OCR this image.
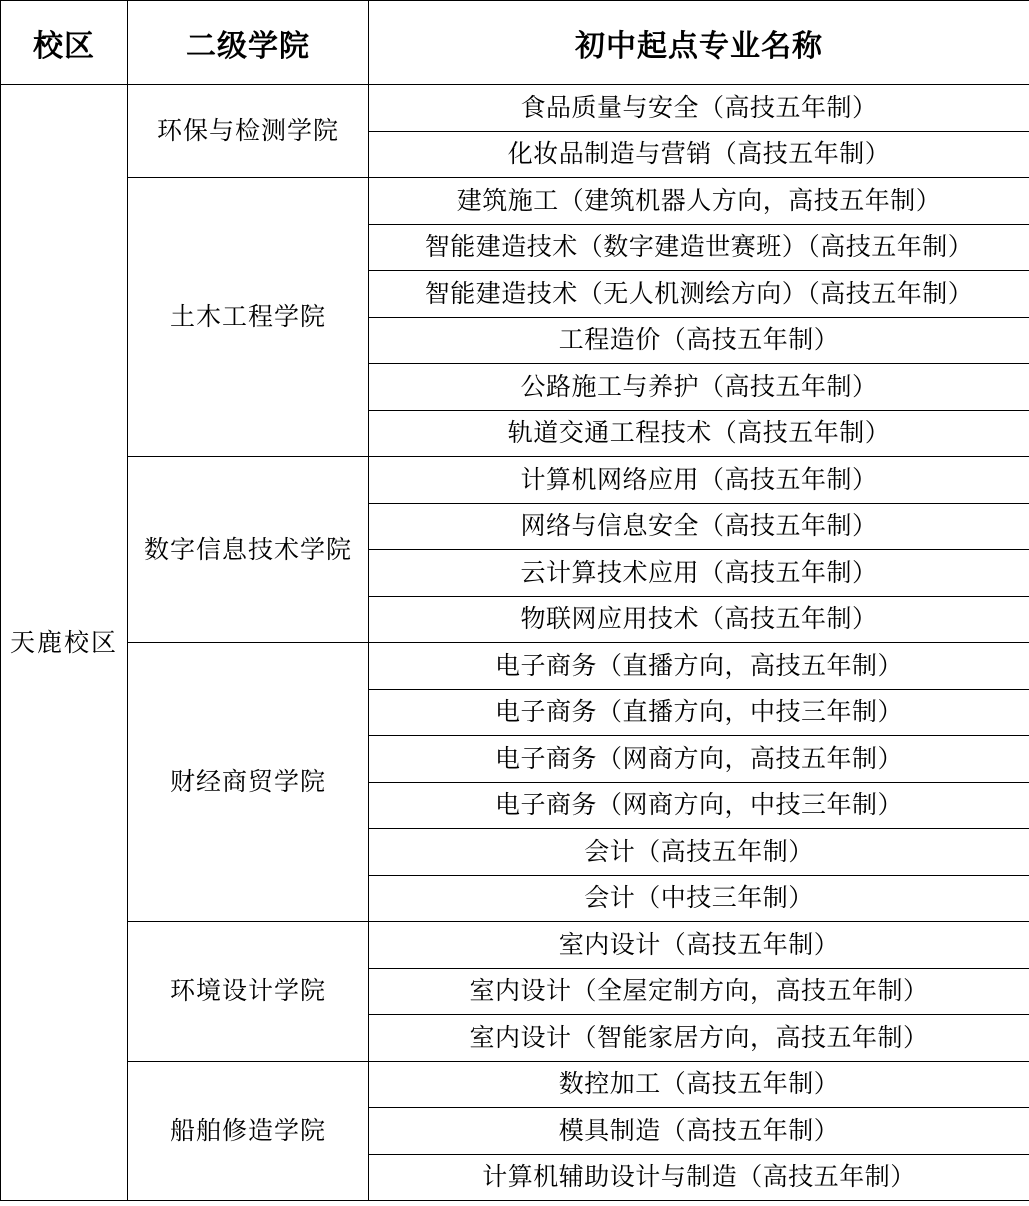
校区	二级学院	初中起点专业名称
天鹿校区	环保与检测学院	食品质量与安全（高技五年制）
		化妆品制造与营销（高技五年制）
	土木工程学院	建筑施工（建筑机器人方向，高技五年制）
		智能建造技术（数字建造世赛班）（高技五年制）
		智能建造技术（无人机测绘方向）（高技五年制）
		工程造价（高技五年制）
		公路施工与养护（高技五年制）
		轨道交通工程技术（高技五年制）
	数字信息技术学院	计算机网络应用（高技五年制）
		网络与信息安全（高技五年制）
		云计算技术应用（高技五年制）
		物联网应用技术（高技五年制）
	财经商贸学院	电子商务（直播方向，高技五年制）
		电子商务（直播方向，中技三年制）
		电子商务（网商方向，高技五年制）
		电子商务（网商方向，中技三年制）
		会计（高技五年制）
		会计（中技三年制）
	环境设计学院	室内设计（高技五年制）
		室内设计（全屋定制方向，高技五年制）
		室内设计（智能家居方向，高技五年制）
	船舶修造学院	数控加工（高技五年制）
		模具制造（高技五年制）
		计算机辅助设计与制造（高技五年制）
